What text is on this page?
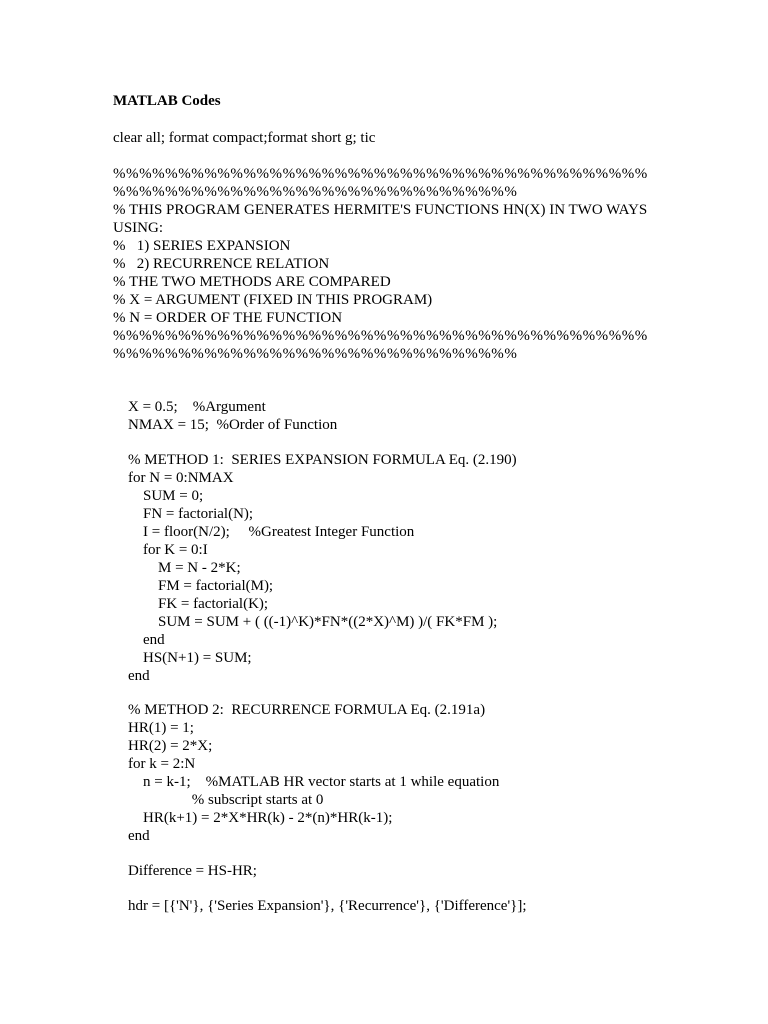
MATLAB Codes
clear all; format compact;format short g; tic
%%%%%%%%%%%%%%%%%%%%%%%%%%%%%%%%%%%%%%%%%
%%%%%%%%%%%%%%%%%%%%%%%%%%%%%%%
% THIS PROGRAM GENERATES HERMITE'S FUNCTIONS HN(X) IN TWO WAYS
USING:
%   1) SERIES EXPANSION
%   2) RECURRENCE RELATION
% THE TWO METHODS ARE COMPARED
% X = ARGUMENT (FIXED IN THIS PROGRAM)
% N = ORDER OF THE FUNCTION
%%%%%%%%%%%%%%%%%%%%%%%%%%%%%%%%%%%%%%%%%
%%%%%%%%%%%%%%%%%%%%%%%%%%%%%%%
X = 0.5;    %Argument
NMAX = 15;  %Order of Function
% METHOD 1:  SERIES EXPANSION FORMULA Eq. (2.190)
for N = 0:NMAX
SUM = 0;
FN = factorial(N);
I = floor(N/2);     %Greatest Integer Function
for K = 0:I
M = N - 2*K;
FM = factorial(M);
FK = factorial(K);
SUM = SUM + ( ((-1)^K)*FN*((2*X)^M) )/( FK*FM );
end
HS(N+1) = SUM;
end
% METHOD 2:  RECURRENCE FORMULA Eq. (2.191a)
HR(1) = 1;
HR(2) = 2*X;
for k = 2:N
n = k-1;    %MATLAB HR vector starts at 1 while equation
% subscript starts at 0
HR(k+1) = 2*X*HR(k) - 2*(n)*HR(k-1);
end
Difference = HS-HR;
hdr = [{'N'}, {'Series Expansion'}, {'Recurrence'}, {'Difference'}];
